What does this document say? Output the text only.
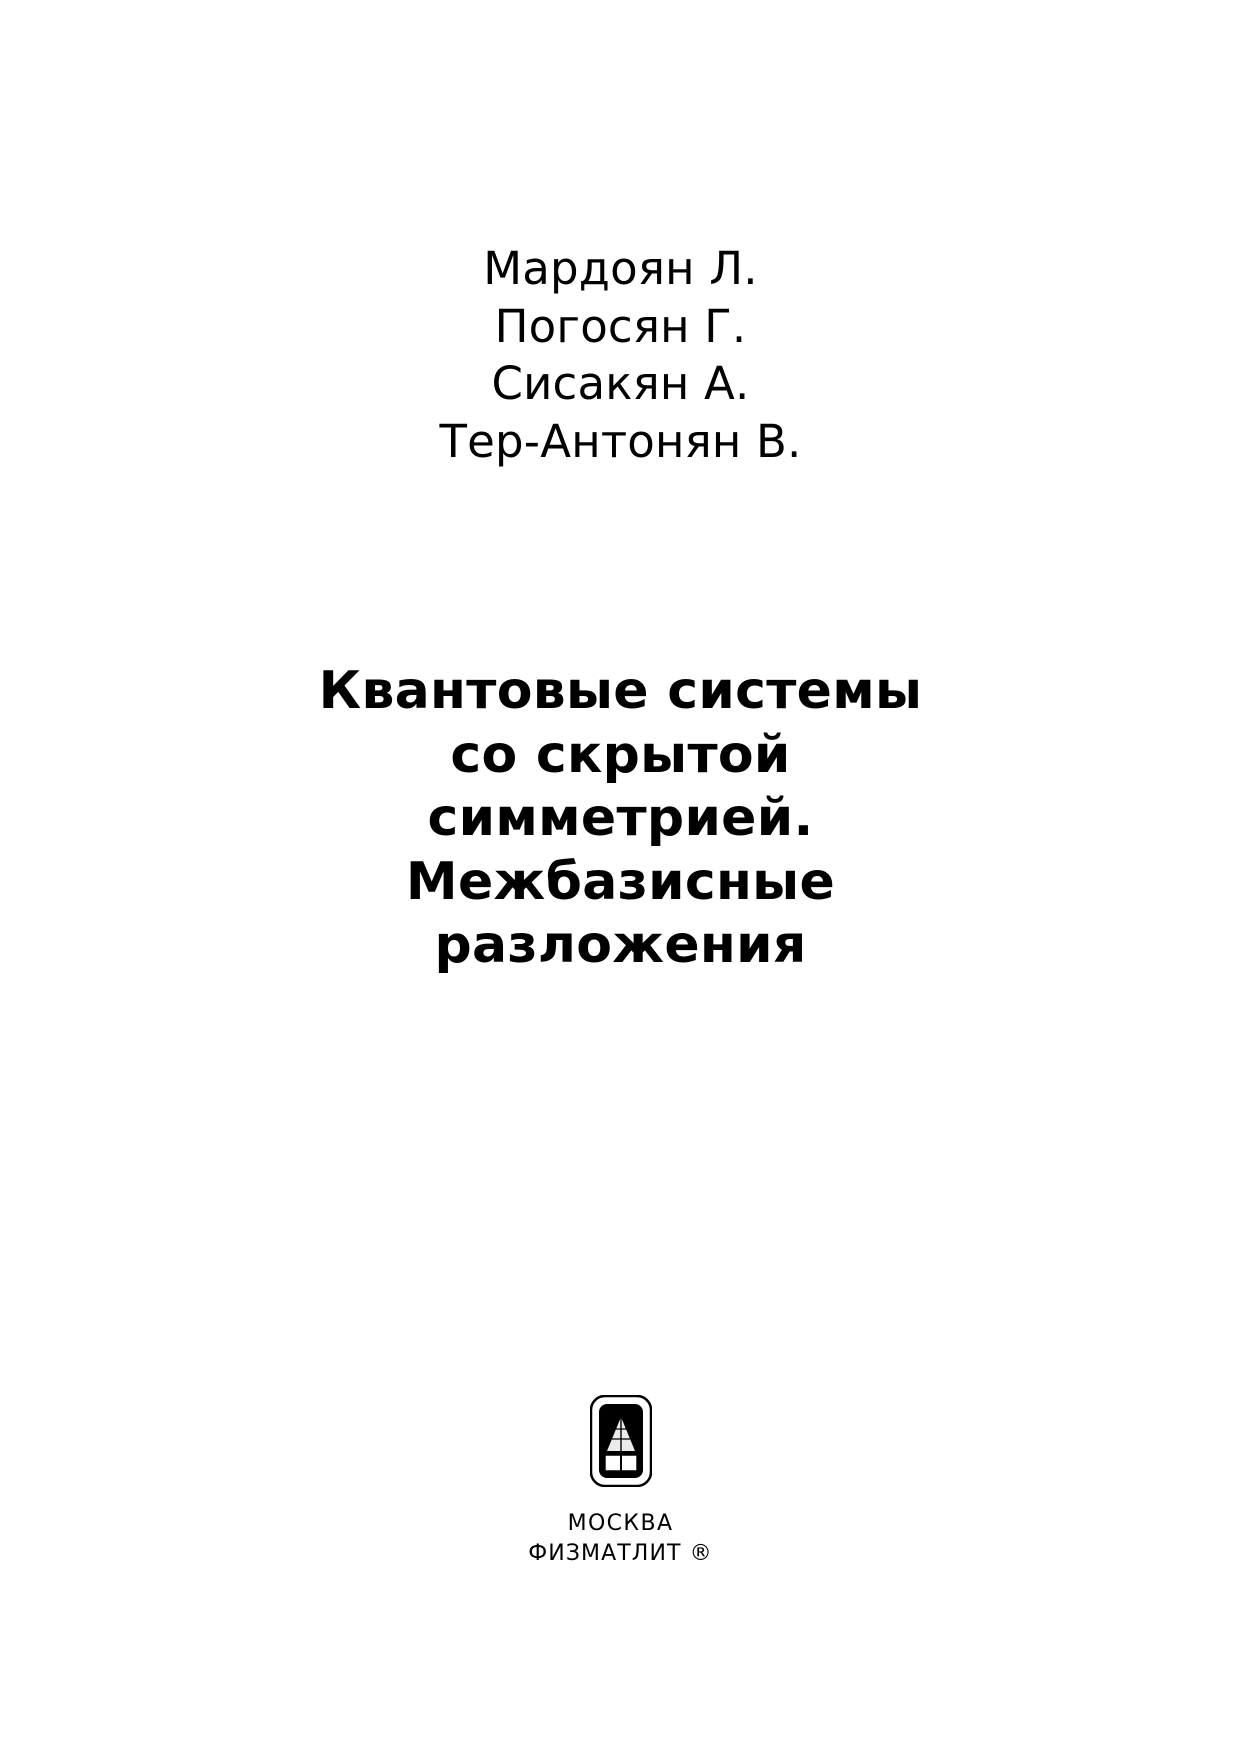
Мардоян Л.
Погосян Г.
Сисакян А.
Тер-Антонян В.
Квантовые системы
со скрытой
симметрией.
Межбазисные
разложения
МОСКВА
ФИЗМАТЛИТ ®
